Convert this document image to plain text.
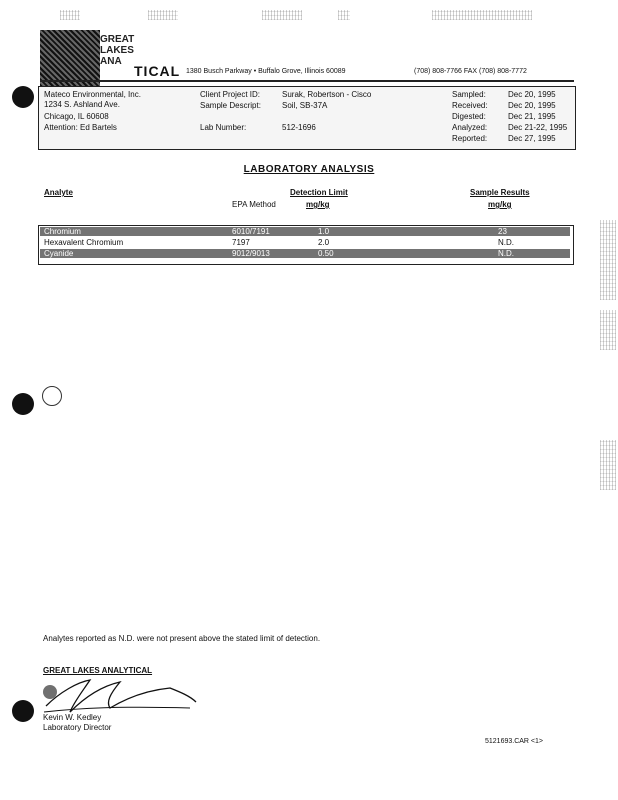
GREAT
LAKES
ANA
TICAL 1380 Busch Parkway • Buffalo Grove, Illinois 60089	(708) 808-7766 FAX (708) 808-7772
Mateco Environmental, Inc.
1234 S. Ashland Ave.
Chicago, IL 60608
Attention: Ed Bartels
Client Project ID:	Surak, Robertson - Cisco
Sample Descript:	Soil, SB-37A
Lab Number:	512-1696
Sampled:	Dec 20, 1995
Received:	Dec 20, 1995
Digested:	Dec 21, 1995
Analyzed:	Dec 21-22, 1995
Reported:	Dec 27, 1995
LABORATORY ANALYSIS
Analyte
EPA Method
Detection Limit
mg/kg
Sample Results
mg/kg
Chromium	6010/7191	1.0	23
Hexavalent Chromium	7197	2.0	N.D.
Cyanide	9012/9013	0.50	N.D.
Analytes reported as N.D. were not present above the stated limit of detection.
GREAT LAKES ANALYTICAL
Kevin W. Kedley
Laboratory Director
5121693.CAR <1>
